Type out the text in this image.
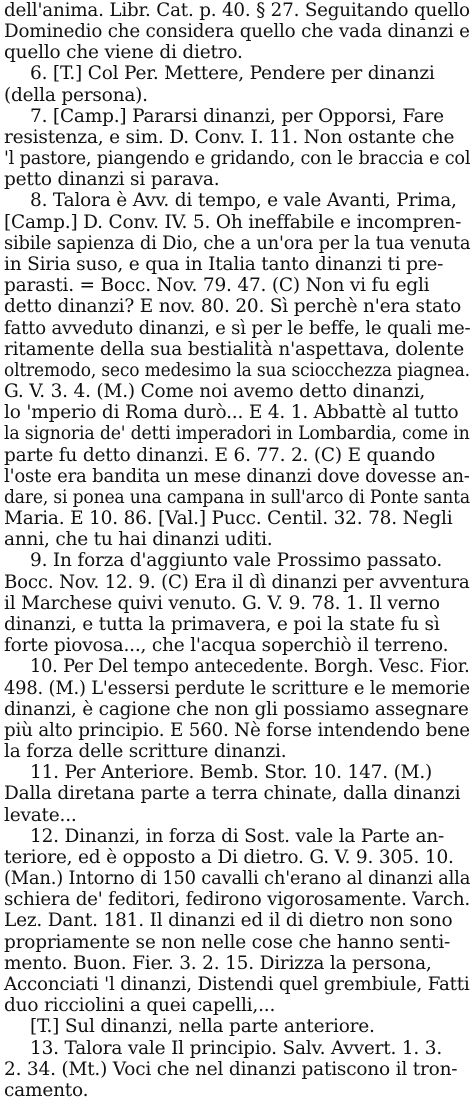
dell'anima. Libr. Cat. p. 40. § 27. Seguitando quello
Dominedio che considera quello che vada dinanzi e
quello che viene di dietro.
6. [T.] Col Per. Mettere, Pendere per dinanzi
(della persona).
7. [Camp.] Pararsi dinanzi, per Opporsi, Fare
resistenza, e sim. D. Conv. I. 11. Non ostante che
'l pastore, piangendo e gridando, con le braccia e col
petto dinanzi si parava.
8. Talora è Avv. di tempo, e vale Avanti, Prima,
[Camp.] D. Conv. IV. 5. Oh ineffabile e incompren-
sibile sapienza di Dio, che a un'ora per la tua venuta
in Siria suso, e qua in Italia tanto dinanzi ti pre-
parasti. = Bocc. Nov. 79. 47. (C) Non vi fu egli
detto dinanzi? E nov. 80. 20. Sì perchè n'era stato
fatto avveduto dinanzi, e sì per le beffe, le quali me-
ritamente della sua bestialità n'aspettava, dolente
oltremodo, seco medesimo la sua sciocchezza piagnea.
G. V. 3. 4. (M.) Come noi avemo detto dinanzi,
lo 'mperio di Roma durò... E 4. 1. Abbattè al tutto
la signoria de' detti imperadori in Lombardia, come in
parte fu detto dinanzi. E 6. 77. 2. (C) E quando
l'oste era bandita un mese dinanzi dove dovesse an-
dare, si ponea una campana in sull'arco di Ponte santa
Maria. E 10. 86. [Val.] Pucc. Centil. 32. 78. Negli
anni, che tu hai dinanzi uditi.
9. In forza d'aggiunto vale Prossimo passato.
Bocc. Nov. 12. 9. (C) Era il dì dinanzi per avventura
il Marchese quivi venuto. G. V. 9. 78. 1. Il verno
dinanzi, e tutta la primavera, e poi la state fu sì
forte piovosa..., che l'acqua soperchiò il terreno.
10. Per Del tempo antecedente. Borgh. Vesc. Fior.
498. (M.) L'essersi perdute le scritture e le memorie
dinanzi, è cagione che non gli possiamo assegnare
più alto principio. E 560. Nè forse intendendo bene
la forza delle scritture dinanzi.
11. Per Anteriore. Bemb. Stor. 10. 147. (M.)
Dalla diretana parte a terra chinate, dalla dinanzi
levate...
12. Dinanzi, in forza di Sost. vale la Parte an-
teriore, ed è opposto a Di dietro. G. V. 9. 305. 10.
(Man.) Intorno di 150 cavalli ch'erano al dinanzi alla
schiera de' feditori, fedirono vigorosamente. Varch.
Lez. Dant. 181. Il dinanzi ed il di dietro non sono
propriamente se non nelle cose che hanno senti-
mento. Buon. Fier. 3. 2. 15. Dirizza la persona,
Acconciati 'l dinanzi, Distendi quel grembiule, Fatti
duo ricciolini a quei capelli,...
[T.] Sul dinanzi, nella parte anteriore.
13. Talora vale Il principio. Salv. Avvert. 1. 3.
2. 34. (Mt.) Voci che nel dinanzi patiscono il tron-
camento.
